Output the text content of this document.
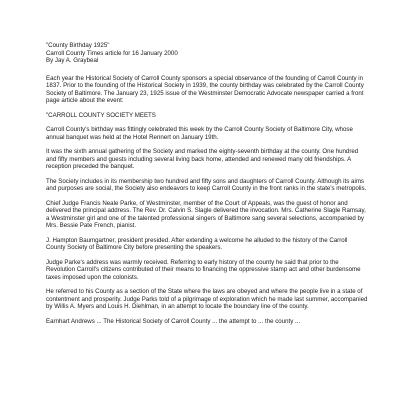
"County Birthday 1925"

Carroll County Times article for 16 January 2000

By Jay A. Graybeal

Each year the Historical Society of Carroll County sponsors a special observance of the founding of Carroll County in 1837. Prior to the founding of the Historical Society in 1939, the county birthday was celebrated by the Carroll County Society of Baltimore. The January 23, 1925 issue of the Westminster Democratic Advocate newspaper carried a front page article about the event:

"CARROLL COUNTY SOCIETY MEETS

Carroll County's birthday was fittingly celebrated this week by the Carroll County Society of Baltimore City, whose annual banquet was held at the Hotel Rennert on January 19th.

It was the sixth annual gathering of the Society and marked the eighty-seventh birthday at the county. One hundred and fifty members and guests including several living back home, attended and renewed many old friendships. A reception preceded the banquet.

The Society includes in its membership two hundred and fifty sons and daughters of Carroll County. Although its aims and purposes are social, the Society also endeavors to keep Carroll County in the front ranks in the state's metropolis.

Chief Judge Francis Neale Parke, of Westminster, member of the Court of Appeals, was the guest of honor and delivered the principal address. The Rev. Dr. Calvin S. Slagle delivered the invocation. Mrs. Catherine Slagle Ramsay, a Westminster girl and one of the talented professional singers of Baltimore sang several selections, accompanied by Mrs. Bessie Pate French, pianist.

J. Hampton Baumgartner, president presided. After extending a welcome he alluded to the history of the Carroll County Society of Baltimore City before presenting the speakers.

Judge Parke's address was warmly received. Referring to early history of the county he said that prior to the Revolution Carroll's citizens contributed of their means to financing the oppressive stamp act and other burdensome taxes imposed upon the colonists.

He referred to his County as a section of the State where the laws are obeyed and where the people live in a state of contentment and prosperity. Judge Parks told of a pilgrimage of exploration which he made last summer, accompanied by Willis A. Myers and Louis H. Diehlman, in an attempt to locate the boundary line of the county.

Earnhart Andrews ... The Historical Society of Carroll County ... the attempt to ... the county ...
